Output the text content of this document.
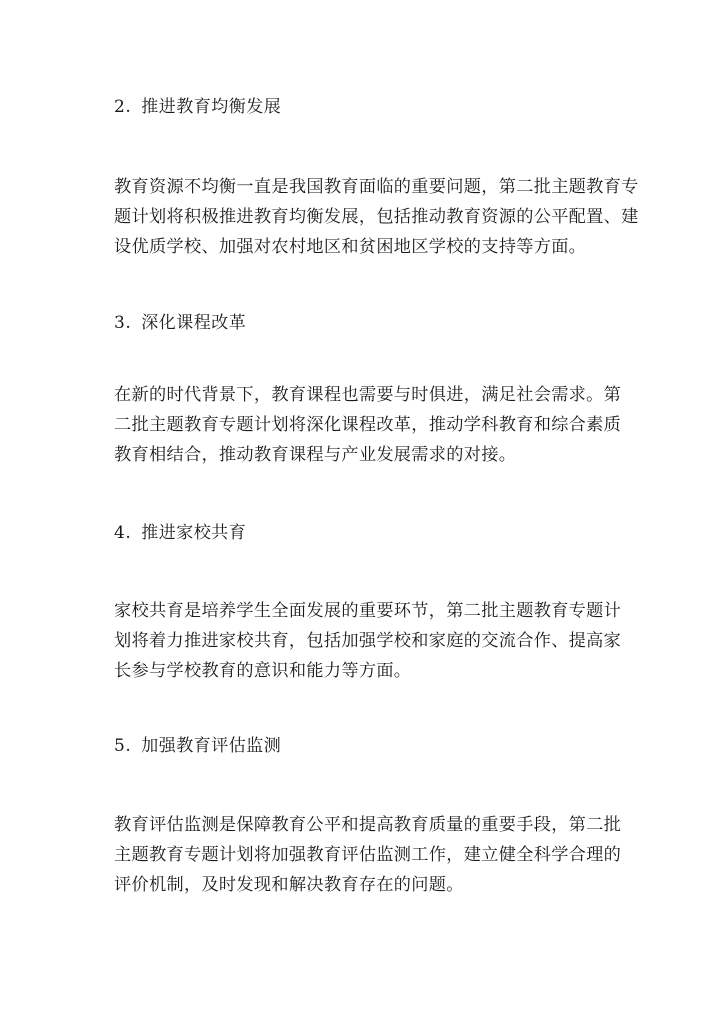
2. 推进教育均衡发展
教育资源不均衡一直是我国教育面临的重要问题，第二批主题教育专
题计划将积极推进教育均衡发展，包括推动教育资源的公平配置、建
设优质学校、加强对农村地区和贫困地区学校的支持等方面。
3. 深化课程改革
在新的时代背景下，教育课程也需要与时俱进，满足社会需求。第
二批主题教育专题计划将深化课程改革，推动学科教育和综合素质
教育相结合，推动教育课程与产业发展需求的对接。
4. 推进家校共育
家校共育是培养学生全面发展的重要环节，第二批主题教育专题计
划将着力推进家校共育，包括加强学校和家庭的交流合作、提高家
长参与学校教育的意识和能力等方面。
5. 加强教育评估监测
教育评估监测是保障教育公平和提高教育质量的重要手段，第二批
主题教育专题计划将加强教育评估监测工作，建立健全科学合理的
评价机制，及时发现和解决教育存在的问题。
